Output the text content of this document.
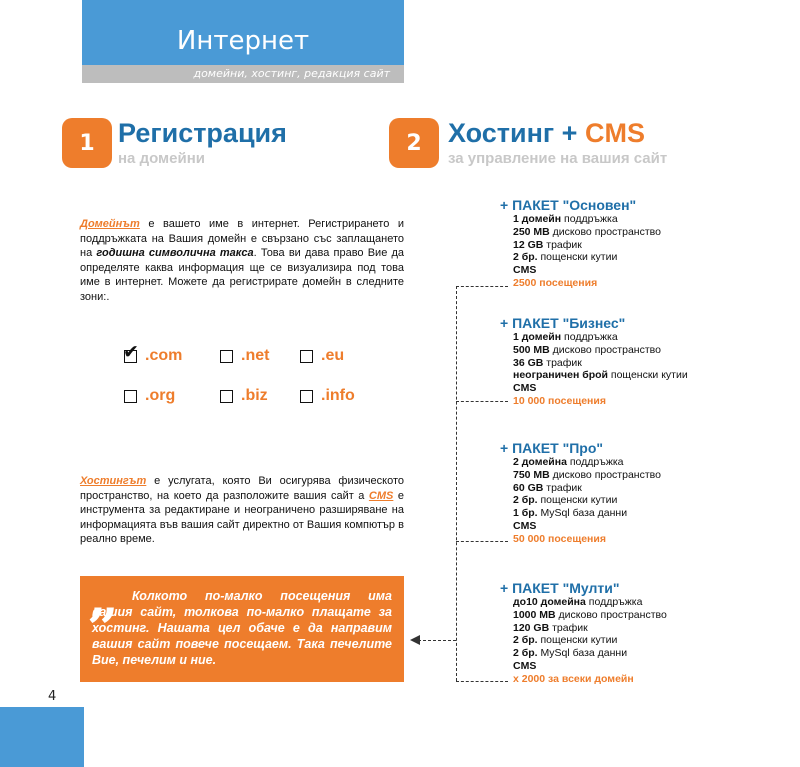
Интернет
домейни, хостинг, редакция сайт
1 Регистрация
на домейни
Домейнът е вашето име в интернет. Регистрирането и поддръжката на Вашия домейн е свързано със заплащането на годишна символична такса. Това ви дава право Вие да определяте каква информация ще се визуализира под това име в интернет. Можете да регистрирате домейн в следните зони:.
✔ .com	.net	.eu
.org	.biz	.info
Хостингът е услугата, която Ви осигурява физическото пространство, на което да разположите вашия сайт а CMS е инструмента за редактиране и неограничено разширяване на информацията във вашия сайт директно от Вашия компютър в реално време.
„	Колкото по-малко посещения има вашия сайт, толкова по-малко плащате за хостинг. Нашата цел обаче е да направим вашия сайт повече посещаем. Така печелите Вие, печелим и ние.
4
2 Хостинг + CMS
за управление на вашия сайт
+ ПАКЕТ "Основен"
1 домейн поддръжка
250 MB дисково пространство
12 GB трафик
2 бр. пощенски кутии
CMS
2500 посещения
+ ПАКЕТ "Бизнес"
1 домейн поддръжка
500 MB дисково пространство
36 GB трафик
неограничен брой пощенски кутии
CMS
10 000 посещения
+ ПАКЕТ "Про"
2 домейна поддръжка
750 MB дисково пространство
60 GB трафик
2 бр. пощенски кутии
1 бр. MySql база данни
CMS
50 000 посещения
+ ПАКЕТ "Мулти"
до10 домейна поддръжка
1000 MB дисково пространство
120 GB трафик
2 бр. пощенски кутии
2 бр. MySql база данни
CMS
x 2000 за всеки домейн
